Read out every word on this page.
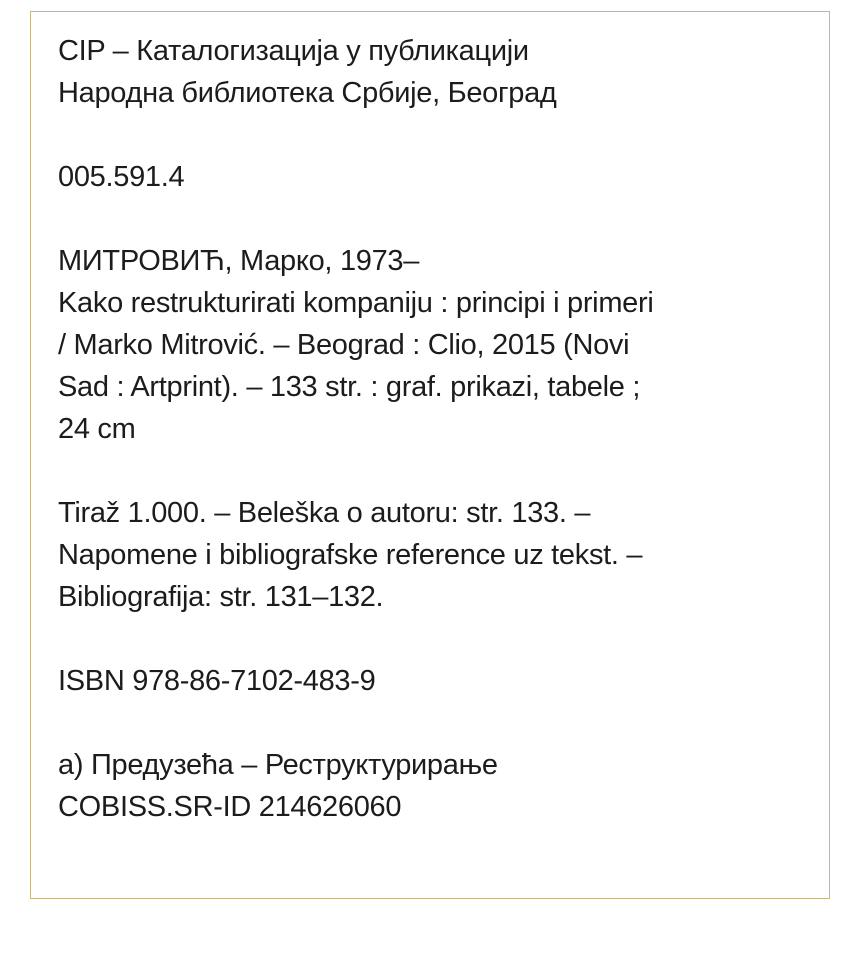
CIP – Каталогизација у публикацији

Народна библиотека Србије, Београд

005.591.4

МИТРОВИЋ, Марко, 1973–

Kako restrukturirati kompaniju : principi i primeri

/ Marko Mitrović. – Beograd : Clio, 2015 (Novi

Sad : Artprint). – 133 str. : graf. prikazi, tabele ;

24 cm

Tiraž 1.000. – Beleška o autoru: str. 133. –

Napomene i bibliografske reference uz tekst. –

Bibliografija: str. 131–132.

ISBN 978-86-7102-483-9

а) Предузећа – Реструктурирање

COBISS.SR-ID 214626060
